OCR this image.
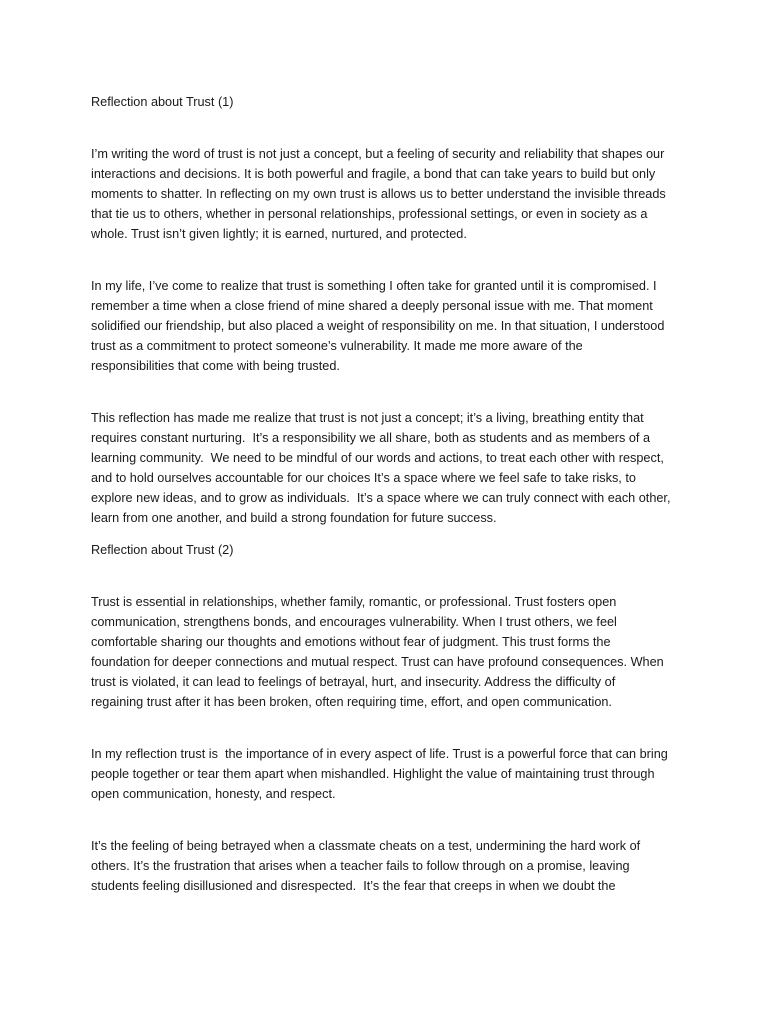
Reflection about Trust (1)

I’m writing the word of trust is not just a concept, but a feeling of security and reliability that shapes our
interactions and decisions. It is both powerful and fragile, a bond that can take years to build but only
moments to shatter. In reflecting on my own trust is allows us to better understand the invisible threads
that tie us to others, whether in personal relationships, professional settings, or even in society as a
whole. Trust isn’t given lightly; it is earned, nurtured, and protected.
In my life, I’ve come to realize that trust is something I often take for granted until it is compromised. I
remember a time when a close friend of mine shared a deeply personal issue with me. That moment
solidified our friendship, but also placed a weight of responsibility on me. In that situation, I understood
trust as a commitment to protect someone’s vulnerability. It made me more aware of the
responsibilities that come with being trusted.
This reflection has made me realize that trust is not just a concept; it’s a living, breathing entity that
requires constant nurturing.  It’s a responsibility we all share, both as students and as members of a
learning community.  We need to be mindful of our words and actions, to treat each other with respect,
and to hold ourselves accountable for our choices It’s a space where we feel safe to take risks, to
explore new ideas, and to grow as individuals.  It’s a space where we can truly connect with each other,
learn from one another, and build a strong foundation for future success.

Reflection about Trust (2)

Trust is essential in relationships, whether family, romantic, or professional. Trust fosters open
communication, strengthens bonds, and encourages vulnerability. When I trust others, we feel
comfortable sharing our thoughts and emotions without fear of judgment. This trust forms the
foundation for deeper connections and mutual respect. Trust can have profound consequences. When
trust is violated, it can lead to feelings of betrayal, hurt, and insecurity. Address the difficulty of
regaining trust after it has been broken, often requiring time, effort, and open communication.
In my reflection trust is  the importance of in every aspect of life. Trust is a powerful force that can bring
people together or tear them apart when mishandled. Highlight the value of maintaining trust through
open communication, honesty, and respect.
It’s the feeling of being betrayed when a classmate cheats on a test, undermining the hard work of
others. It’s the frustration that arises when a teacher fails to follow through on a promise, leaving
students feeling disillusioned and disrespected.  It’s the fear that creeps in when we doubt the
